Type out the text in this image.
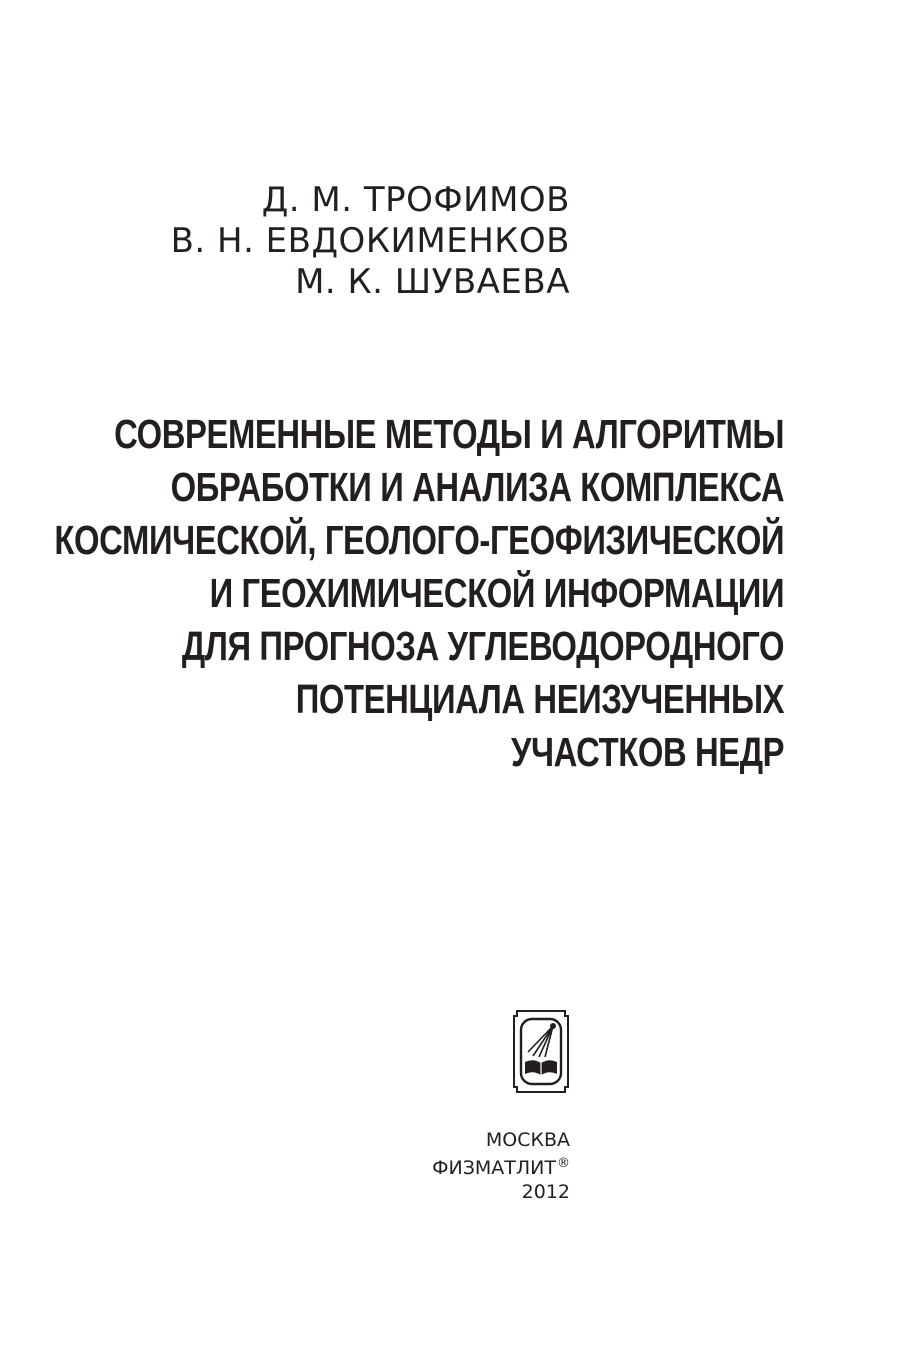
Д. М. ТРОФИМОВ
В. Н. ЕВДОКИМЕНКОВ
М. К. ШУВАЕВА
СОВРЕМЕННЫЕ МЕТОДЫ И АЛГОРИТМЫ
ОБРАБОТКИ И АНАЛИЗА КОМПЛЕКСА
КОСМИЧЕСКОЙ, ГЕОЛОГО-ГЕОФИЗИЧЕСКОЙ
И ГЕОХИМИЧЕСКОЙ ИНФОРМАЦИИ
ДЛЯ ПРОГНОЗА УГЛЕВОДОРОДНОГО
ПОТЕНЦИАЛА НЕИЗУЧЕННЫХ
УЧАСТКОВ НЕДР
МОСКВА
ФИЗМАТЛИТ®
2012
